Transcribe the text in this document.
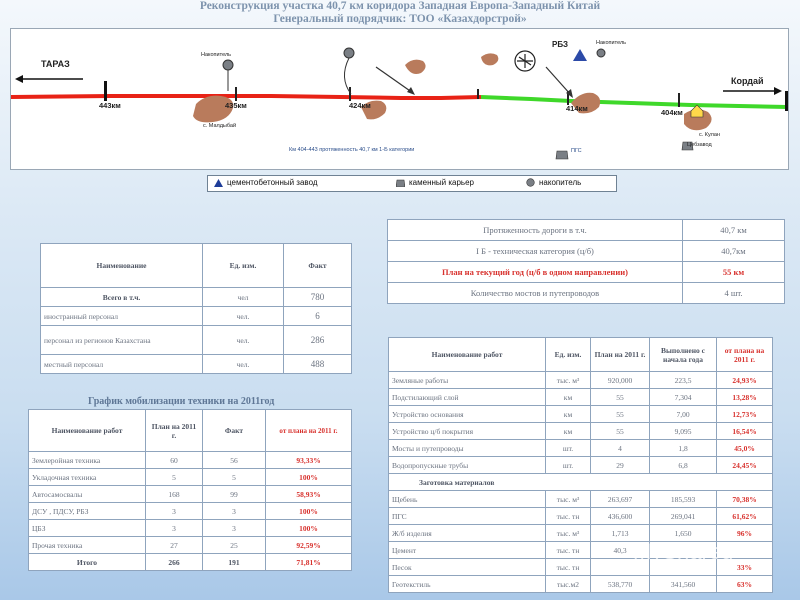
Реконструкция участка 40,7 км коридора Западная Европа-Западный Китай
Генеральный подрядчик: ТОО «Казахдорстрой»
ТАРАЗ
Кордай
443км	435км	424км	414км	404км
с. Малдыбай
с. Кулан
Цебзавод
РБЗ
Накопитель
Накопитель
ПГС
Км 404-443 протяженность 40,7 км 1-Б категории
цементобетонный завод	каменный карьер	накопитель
Протяженность дороги в т.ч.	40,7 км
I Б - техническая категория (ц/б)	40,7км
План на текущий год (ц/б в одном направлении)	55 км
Количество мостов и путепроводов	4 шт.
Наименование	Ед. изм.	Факт
Всего в т.ч.	чел	780
иностранный персонал	чел.	6
персонал из регионов Казахстана	чел.	286
местный персонал	чел.	488
График мобилизации техники на 2011год
Наименование работ	План на 2011 г.	Факт	от плана на 2011 г.
Землеройная техника	60	56	93,33%
Укладочная техника	5	5	100%
Автосамосвалы	168	99	58,93%
ДСУ , ПДСУ, РБЗ	3	3	100%
ЦБЗ	3	3	100%
Прочая техника	27	25	92,59%
Итого	266	191	71,81%
Наименование работ	Ед. изм.	План на 2011 г.	Выполнено с начала года	от плана на 2011 г.
Земляные работы	тыс. м³	920,000	223,5	24,93%
Подстилающий слой	км	55	7,304	13,28%
Устройство основания	км	55	7,00	12,73%
Устройство ц/б покрытия	км	55	9,095	16,54%
Мосты и путепроводы	шт.	4	1,8	45,0%
Водопропускные трубы	шт.	29	6,8	24,45%
Заготовка материалов				
Щебень	тыс. м³	263,697	185,593	70,38%
ПГС	тыс. тн	436,600	269,041	61,62%
Ж/б изделия	тыс. м³	1,713	1,650	96%
Цемент	тыс. тн	40,3		
Песок	тыс. тн			33%
Геотекстиль	тыс.м2	538,770	341,560	63%
MyShared
